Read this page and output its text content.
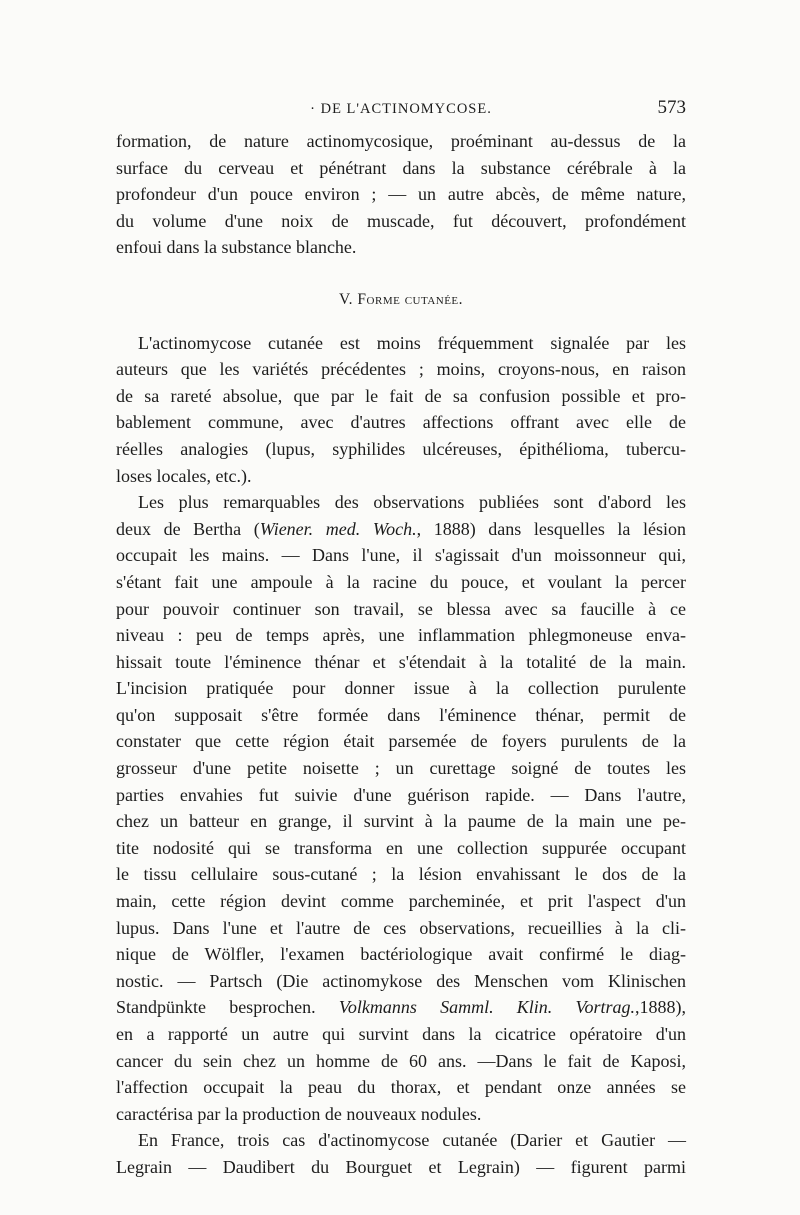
· DE L'ACTINOMYCOSE.	573
formation, de nature actinomycosique, proéminant au-dessus de la
surface du cerveau et pénétrant dans la substance cérébrale à la
profondeur d'un pouce environ ; — un autre abcès, de même nature,
du volume d'une noix de muscade, fut découvert, profondément
enfoui dans la substance blanche.
V. Forme cutanée.
L'actinomycose cutanée est moins fréquemment signalée par les
auteurs que les variétés précédentes ; moins, croyons-nous, en raison
de sa rareté absolue, que par le fait de sa confusion possible et pro-
bablement commune, avec d'autres affections offrant avec elle de
réelles analogies (lupus, syphilides ulcéreuses, épithélioma, tubercu-
loses locales, etc.).
Les plus remarquables des observations publiées sont d'abord les
deux de Bertha (Wiener. med. Woch., 1888) dans lesquelles la lésion
occupait les mains. — Dans l'une, il s'agissait d'un moissonneur qui,
s'étant fait une ampoule à la racine du pouce, et voulant la percer
pour pouvoir continuer son travail, se blessa avec sa faucille à ce
niveau : peu de temps après, une inflammation phlegmoneuse enva-
hissait toute l'éminence thénar et s'étendait à la totalité de la main.
L'incision pratiquée pour donner issue à la collection purulente
qu'on supposait s'être formée dans l'éminence thénar, permit de
constater que cette région était parsemée de foyers purulents de la
grosseur d'une petite noisette ; un curettage soigné de toutes les
parties envahies fut suivie d'une guérison rapide. — Dans l'autre,
chez un batteur en grange, il survint à la paume de la main une pe-
tite nodosité qui se transforma en une collection suppurée occupant
le tissu cellulaire sous-cutané ; la lésion envahissant le dos de la
main, cette région devint comme parcheminée, et prit l'aspect d'un
lupus. Dans l'une et l'autre de ces observations, recueillies à la cli-
nique de Wölfler, l'examen bactériologique avait confirmé le diag-
nostic. — Partsch (Die actinomykose des Menschen vom Klinischen
Standpünkte besprochen. Volkmanns Samml. Klin. Vortrag.,1888),
en a rapporté un autre qui survint dans la cicatrice opératoire d'un
cancer du sein chez un homme de 60 ans. —Dans le fait de Kaposi,
l'affection occupait la peau du thorax, et pendant onze années se
caractérisa par la production de nouveaux nodules.
En France, trois cas d'actinomycose cutanée (Darier et Gautier —
Legrain — Daudibert du Bourguet et Legrain) — figurent parmi
